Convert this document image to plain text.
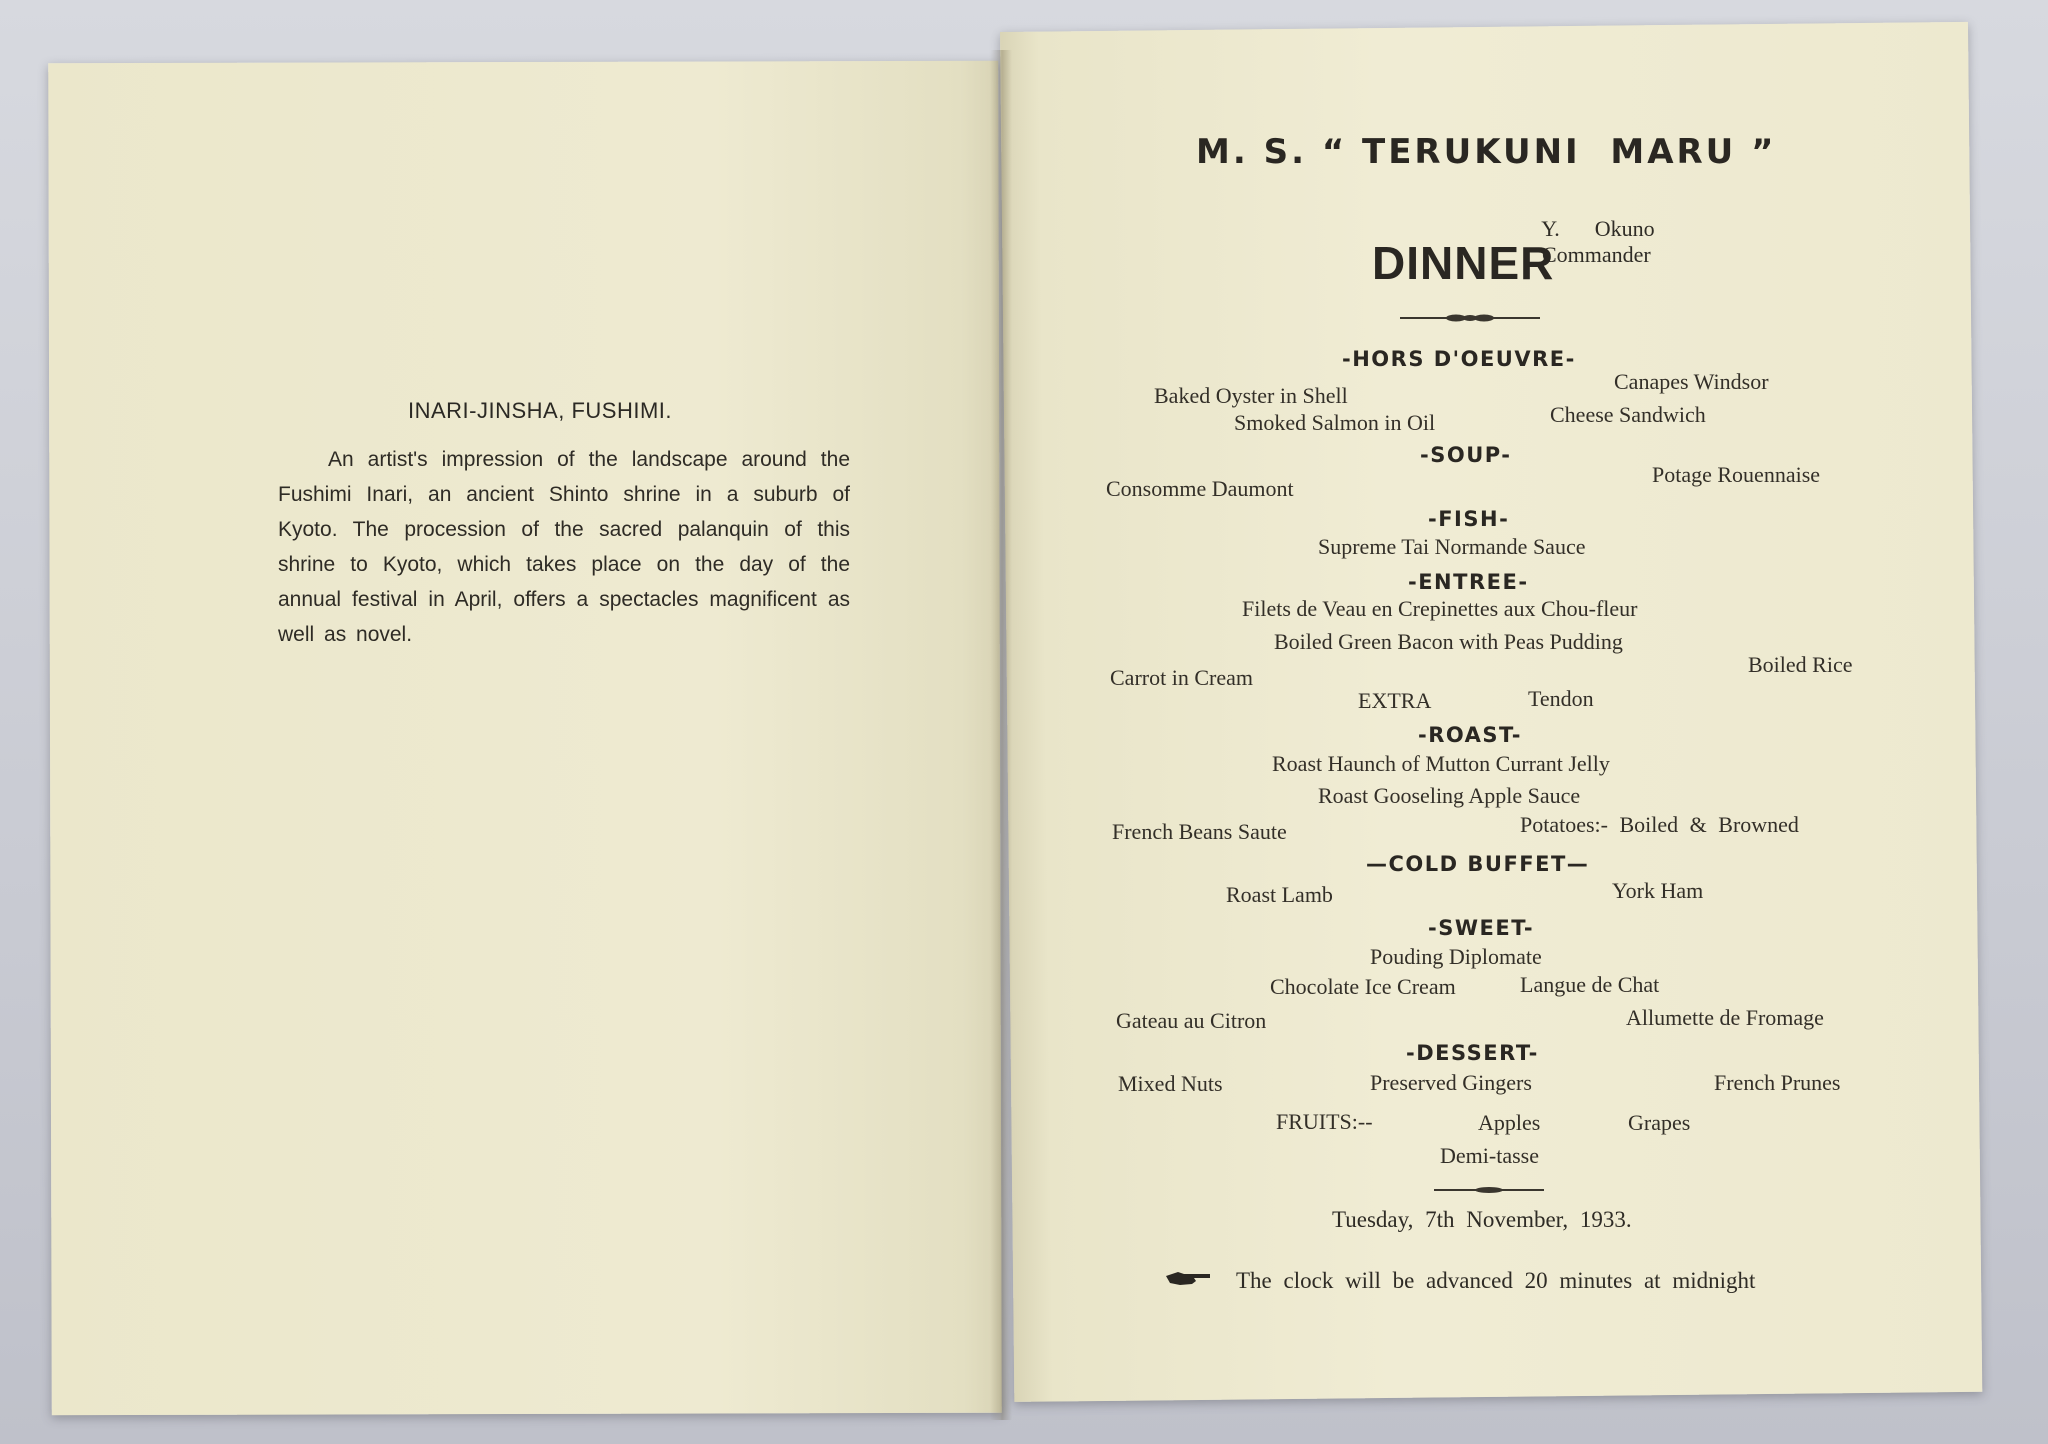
INARI-JINSHA, FUSHIMI.
An artist's impression of the landscape around the Fushimi Inari, an ancient Shinto shrine in a suburb of Kyoto. The procession of the sacred palanquin of this shrine to Kyoto, which takes place on the day of the annual festival in April, offers a spectacles magnificent as well as novel.
M. S. “ TERUKUNI  MARU ”

Y.  Okuno
Commander

DINNER
-HORS D'OEUVRE-
Baked Oyster in Shell
Canapes Windsor
Smoked Salmon in Oil	Cheese Sandwich
-SOUP-
Consomme Daumont
Potage Rouennaise
-FISH-
Supreme Tai Normande Sauce
-ENTREE-
Filets de Veau en Crepinettes aux Chou-fleur
Boiled Green Bacon with Peas Pudding
Carrot in Cream
Boiled Rice
EXTRA	Tendon
-ROAST-
Roast Haunch of Mutton Currant Jelly
Roast Gooseling Apple Sauce
French Beans Saute	Potatoes:- Boiled & Browned
—COLD BUFFET—
Roast Lamb	York Ham
-SWEET-
Pouding Diplomate
Chocolate Ice Cream	Langue de Chat
Gateau au Citron	Allumette de Fromage
-DESSERT-
Mixed Nuts	Preserved Gingers	French Prunes
FRUITS:--	Apples	Grapes
Demi-tasse
Tuesday, 7th November, 1933.
The clock will be advanced 20 minutes at midnight
